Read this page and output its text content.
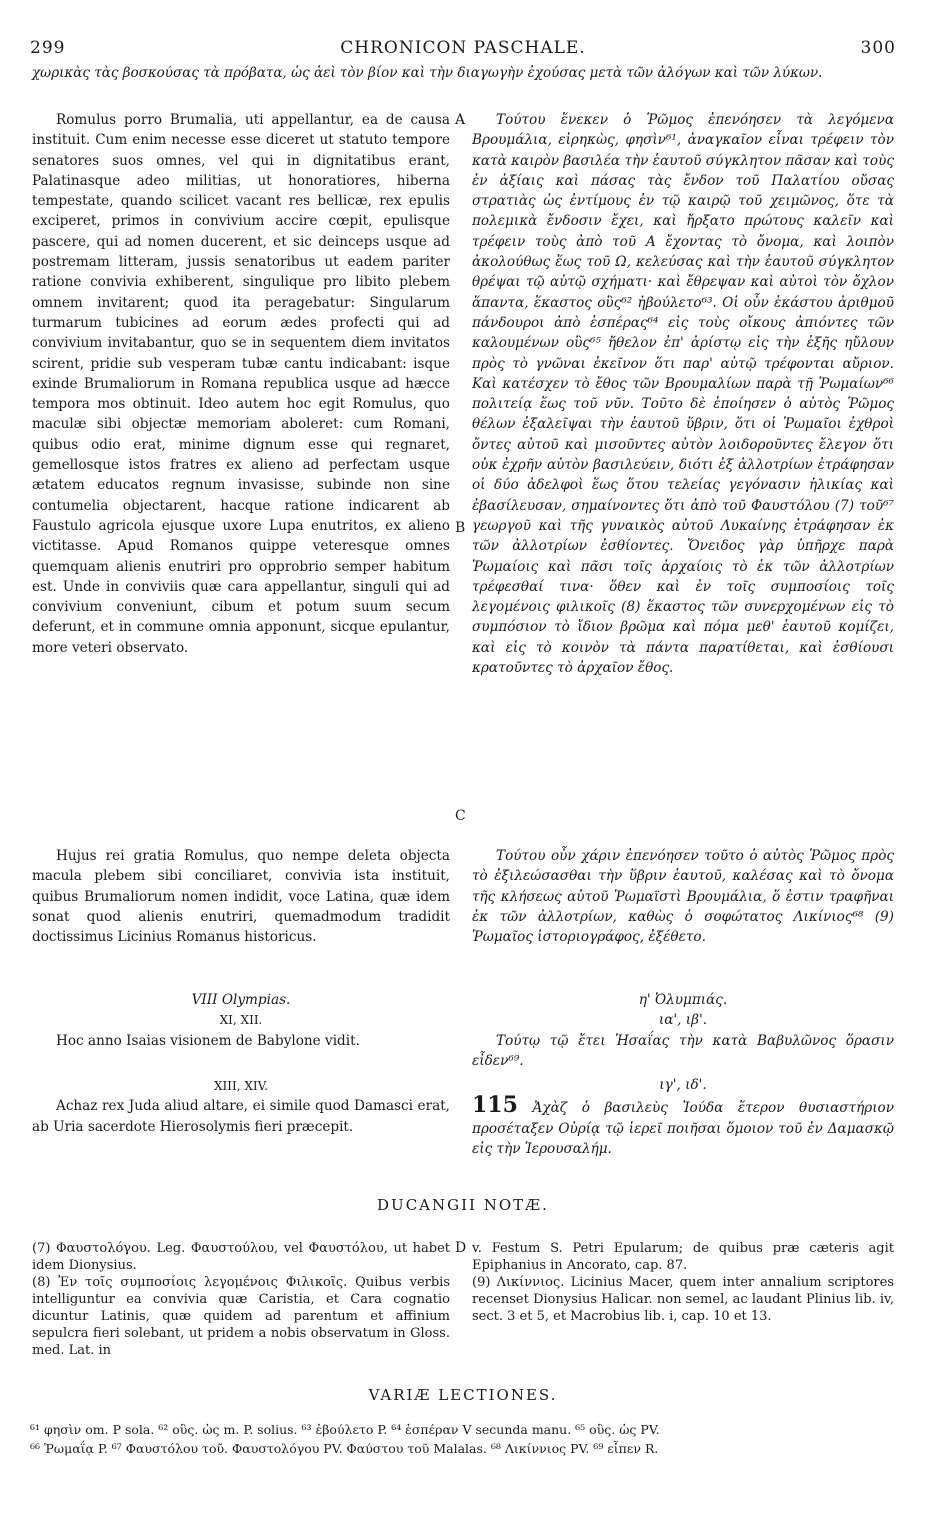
299	CHRONICON PASCHALE.	300
χωρικὰς τὰς βοσκούσας τὰ πρόβατα, ὡς ἀεὶ τὸν βίον καὶ τὴν διαγωγὴν ἐχούσας μετὰ τῶν ἀλόγων καὶ τῶν λύκων.

Romulus porro Brumalia, uti appellantur, ea de causa instituit. Cum enim necesse esse diceret ut statuto tempore senatores suos omnes, vel qui in dignitatibus erant, Palatinasque adeo militias, ut honoratiores, hiberna tempestate, quando scilicet vacant res bellicæ, rex epulis exciperet, primos in convivium accire cœpit, epulisque pascere, qui ad nomen ducerent, et sic deinceps usque ad postremam litteram, jussis senatoribus ut eadem pariter ratione convivia exhiberent, singulique pro libito plebem omnem invitarent; quod ita peragebatur: Singularum turmarum tubicines ad eorum ædes profecti qui ad convivium invitabantur, quo se in sequentem diem invitatos scirent, pridie sub vesperam tubæ cantu indicabant: isque exinde Brumaliorum in Romana republica usque ad hæcce tempora mos obtinuit. Ideo autem hoc egit Romulus, quo maculæ sibi objectæ memoriam aboleret: cum Romani, quibus odio erat, minime dignum esse qui regnaret, gemellosque istos fratres ex alieno ad perfectam usque ætatem educatos regnum invasisse, subinde non sine contumelia objectarent, hacque ratione indicarent ab Faustulo agricola ejusque uxore Lupa enutritos, ex alieno victitasse. Apud Romanos quippe veteresque omnes quemquam alienis enutriri pro opprobrio semper habitum est. Unde in conviviis quæ cara appellantur, singuli qui ad convivium conveniunt, cibum et potum suum secum deferunt, et in commune omnia apponunt, sicque epulantur, more veteri observato.

Hujus rei gratia Romulus, quo nempe deleta objecta macula plebem sibi conciliaret, convivia ista instituit, quibus Brumaliorum nomen indidit, voce Latina, quæ idem sonat quod alienis enutriri, quemadmodum tradidit doctissimus Licinius Romanus historicus.

VIII Olympias.

XI, XII.

Hoc anno Isaias visionem de Babylone vidit.

XIII, XIV.

Achaz rex Juda aliud altare, ei simile quod Damasci erat, ab Uria sacerdote Hierosolymis fieri præcepit.

Τούτου ἕνεκεν ὁ Ῥῶμος ἐπενόησεν τὰ λεγόμενα Βρουμάλια, εἰρηκὼς, φησὶν⁶¹, ἀναγκαῖον εἶναι τρέφειν τὸν κατὰ καιρὸν βασιλέα τὴν ἑαυτοῦ σύγκλητον πᾶσαν καὶ τοὺς ἐν ἀξίαις καὶ πάσας τὰς ἔνδον τοῦ Παλατίου οὔσας στρατιὰς ὡς ἐντίμους ἐν τῷ καιρῷ τοῦ χειμῶνος, ὅτε τὰ πολεμικὰ ἔνδοσιν ἔχει, καὶ ἤρξατο πρώτους καλεῖν καὶ τρέφειν τοὺς ἀπὸ τοῦ Α ἔχοντας τὸ ὄνομα, καὶ λοιπὸν ἀκολούθως ἕως τοῦ Ω, κελεύσας καὶ τὴν ἑαυτοῦ σύγκλητον θρέψαι τῷ αὐτῷ σχήματι· καὶ ἔθρεψαν καὶ αὐτοὶ τὸν ὄχλον ἅπαντα, ἕκαστος οὓς⁶² ἠβούλετο⁶³. Οἱ οὖν ἑκάστου ἀριθμοῦ πάνδουροι ἀπὸ ἑσπέρας⁶⁴ εἰς τοὺς οἴκους ἀπιόντες τῶν καλουμένων οὓς⁶⁵ ἤθελον ἐπ' ἀρίστῳ εἰς τὴν ἑξῆς ηὔλουν πρὸς τὸ γνῶναι ἐκεῖνον ὅτι παρ' αὐτῷ τρέφονται αὔριον. Καὶ κατέσχεν τὸ ἔθος τῶν Βρουμαλίων παρὰ τῇ Ῥωμαίων⁶⁶ πολιτείᾳ ἕως τοῦ νῦν. Τοῦτο δὲ ἐποίησεν ὁ αὐτὸς Ῥῶμος θέλων ἐξαλεῖψαι τὴν ἑαυτοῦ ὕβριν, ὅτι οἱ Ῥωμαῖοι ἐχθροὶ ὄντες αὐτοῦ καὶ μισοῦντες αὐτὸν λοιδοροῦντες ἔλεγον ὅτι οὐκ ἐχρῆν αὐτὸν βασιλεύειν, διότι ἐξ ἀλλοτρίων ἐτράφησαν οἱ δύο ἀδελφοὶ ἕως ὅτου τελείας γεγόνασιν ἡλικίας καὶ ἐβασίλευσαν, σημαίνοντες ὅτι ἀπὸ τοῦ Φαυστόλου (7) τοῦ⁶⁷ γεωργοῦ καὶ τῆς γυναικὸς αὐτοῦ Λυκαίνης ἐτράφησαν ἐκ τῶν ἀλλοτρίων ἐσθίοντες. Ὄνειδος γὰρ ὑπῆρχε παρὰ Ῥωμαίοις καὶ πᾶσι τοῖς ἀρχαίοις τὸ ἐκ τῶν ἀλλοτρίων τρέφεσθαί τινα· ὅθεν καὶ ἐν τοῖς συμποσίοις τοῖς λεγομένοις φιλικοῖς (8) ἕκαστος τῶν συνερχομένων εἰς τὸ συμπόσιον τὸ ἴδιον βρῶμα καὶ πόμα μεθ' ἑαυτοῦ κομίζει, καὶ εἰς τὸ κοινὸν τὰ πάντα παρατίθεται, καὶ ἐσθίουσι κρατοῦντες τὸ ἀρχαῖον ἔθος.

Τούτου οὖν χάριν ἐπενόησεν τοῦτο ὁ αὐτὸς Ῥῶμος πρὸς τὸ ἐξιλεώσασθαι τὴν ὕβριν ἑαυτοῦ, καλέσας καὶ τὸ ὄνομα τῆς κλήσεως αὐτοῦ Ῥωμαϊστὶ Βρουμάλια, ὅ ἐστιν τραφῆναι ἐκ τῶν ἀλλοτρίων, καθὼς ὁ σοφώτατος Λικίνιος⁶⁸ (9) Ῥωμαῖος ἱστοριογράφος, ἐξέθετο.

η' Ὀλυμπιάς.

ια', ιβ'.

Τούτῳ τῷ ἔτει Ἡσαΐας τὴν κατὰ Βαβυλῶνος ὅρασιν εἶδεν⁶⁹.

ιγ', ιδ'.

115 Ἀχὰζ ὁ βασιλεὺς Ἰούδα ἕτερον θυσιαστήριον προσέταξεν Οὐρίᾳ τῷ ἱερεῖ ποιῆσαι ὅμοιον τοῦ ἐν Δαμασκῷ εἰς τὴν Ἱερουσαλήμ.

A
B
C
D
DUCANGII NOTÆ.

(7) Φαυστολόγου. Leg. Φαυστούλου, vel Φαυστόλου, ut habet idem Dionysius.

(8) Ἐν τοῖς συμποσίοις λεγομένοις Φιλικοῖς. Quibus verbis intelliguntur ea convivia quæ Caristia, et Cara cognatio dicuntur Latinis, quæ quidem ad parentum et affinium sepulcra fieri solebant, ut pridem a nobis observatum in Gloss. med. Lat. in

v. Festum S. Petri Epularum; de quibus præ cæteris agit Epiphanius in Ancorato, cap. 87.

(9) Λικίννιος. Licinius Macer, quem inter annalium scriptores recenset Dionysius Halicar. non semel, ac laudant Plinius lib. iv, sect. 3 et 5, et Macrobius lib. i, cap. 10 et 13.

VARIÆ LECTIONES.

⁶¹ φησὶν om. P sola. ⁶² οὓς. ὡς m. P. solius. ⁶³ ἐβούλετο P. ⁶⁴ ἑσπέραν V secunda manu. ⁶⁵ οὓς. ὡς PV.

⁶⁶ Ῥωμαΐᾳ P. ⁶⁷ Φαυστόλου τοῦ. Φαυστολόγου PV. Φαύστου τοῦ Malalas. ⁶⁸ Λικίννιος PV. ⁶⁹ εἶπεν R.
